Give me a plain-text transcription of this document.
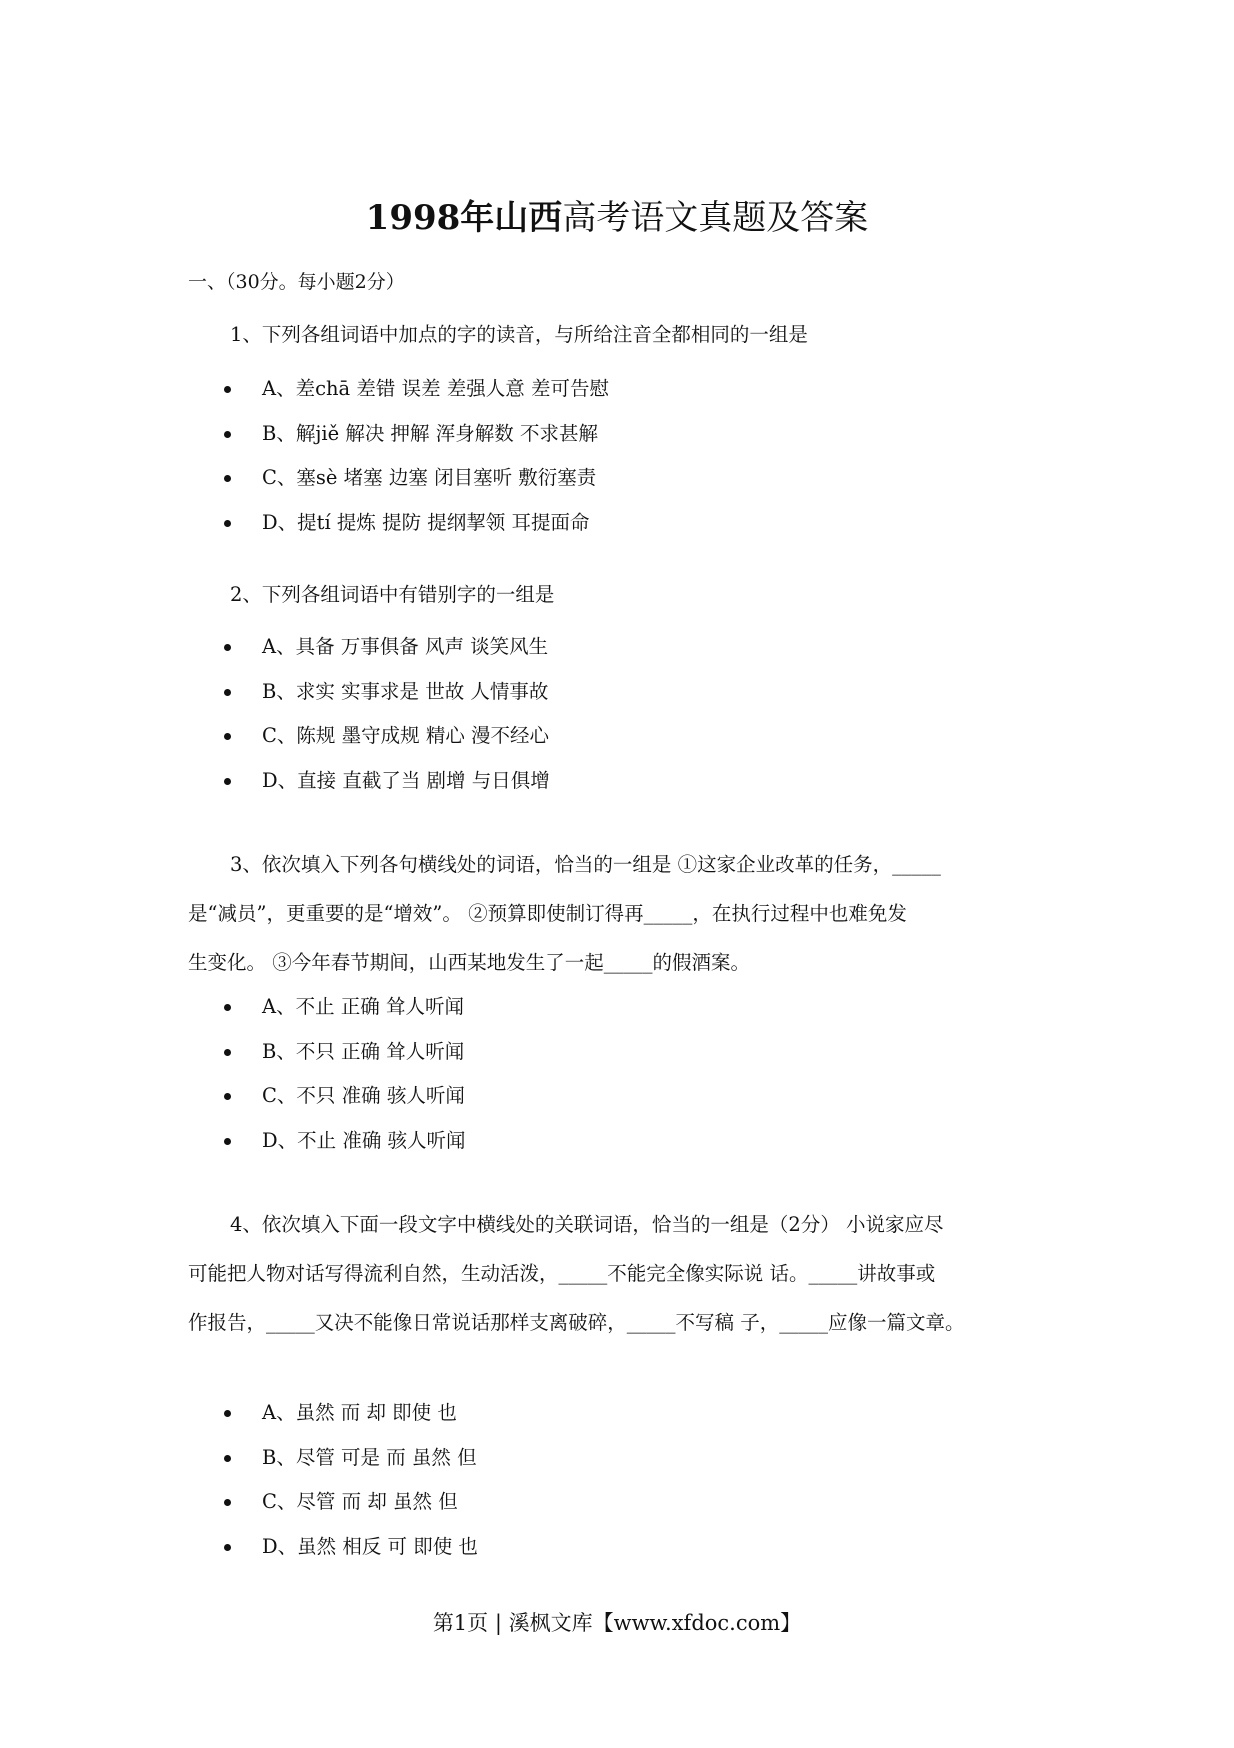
1998年山西高考语文真题及答案
一、（30分。每小题2分）
1、下列各组词语中加点的字的读音，与所给注音全都相同的一组是
A、差chā 差错 误差 差强人意 差可告慰
B、解jiě 解决 押解 浑身解数 不求甚解
C、塞sè 堵塞 边塞 闭目塞听 敷衍塞责
D、提tí 提炼 提防 提纲挈领 耳提面命
2、下列各组词语中有错别字的一组是
A、具备 万事俱备 风声 谈笑风生
B、求实 实事求是 世故 人情事故
C、陈规 墨守成规 精心 漫不经心
D、直接 直截了当 剧增 与日俱增
3、依次填入下列各句横线处的词语，恰当的一组是 ①这家企业改革的任务，_____
是“减员”，更重要的是“增效”。 ②预算即使制订得再_____，在执行过程中也难免发
生变化。 ③今年春节期间，山西某地发生了一起_____的假酒案。
A、不止 正确 耸人听闻
B、不只 正确 耸人听闻
C、不只 准确 骇人听闻
D、不止 准确 骇人听闻
4、依次填入下面一段文字中横线处的关联词语，恰当的一组是（2分） 小说家应尽
可能把人物对话写得流利自然，生动活泼，_____不能完全像实际说 话。_____讲故事或
作报告，_____又决不能像日常说话那样支离破碎，_____不写稿 子，_____应像一篇文章。
A、虽然 而 却 即使 也
B、尽管 可是 而 虽然 但
C、尽管 而 却 虽然 但
D、虽然 相反 可 即使 也
第1页 | 溪枫文库【www.xfdoc.com】
